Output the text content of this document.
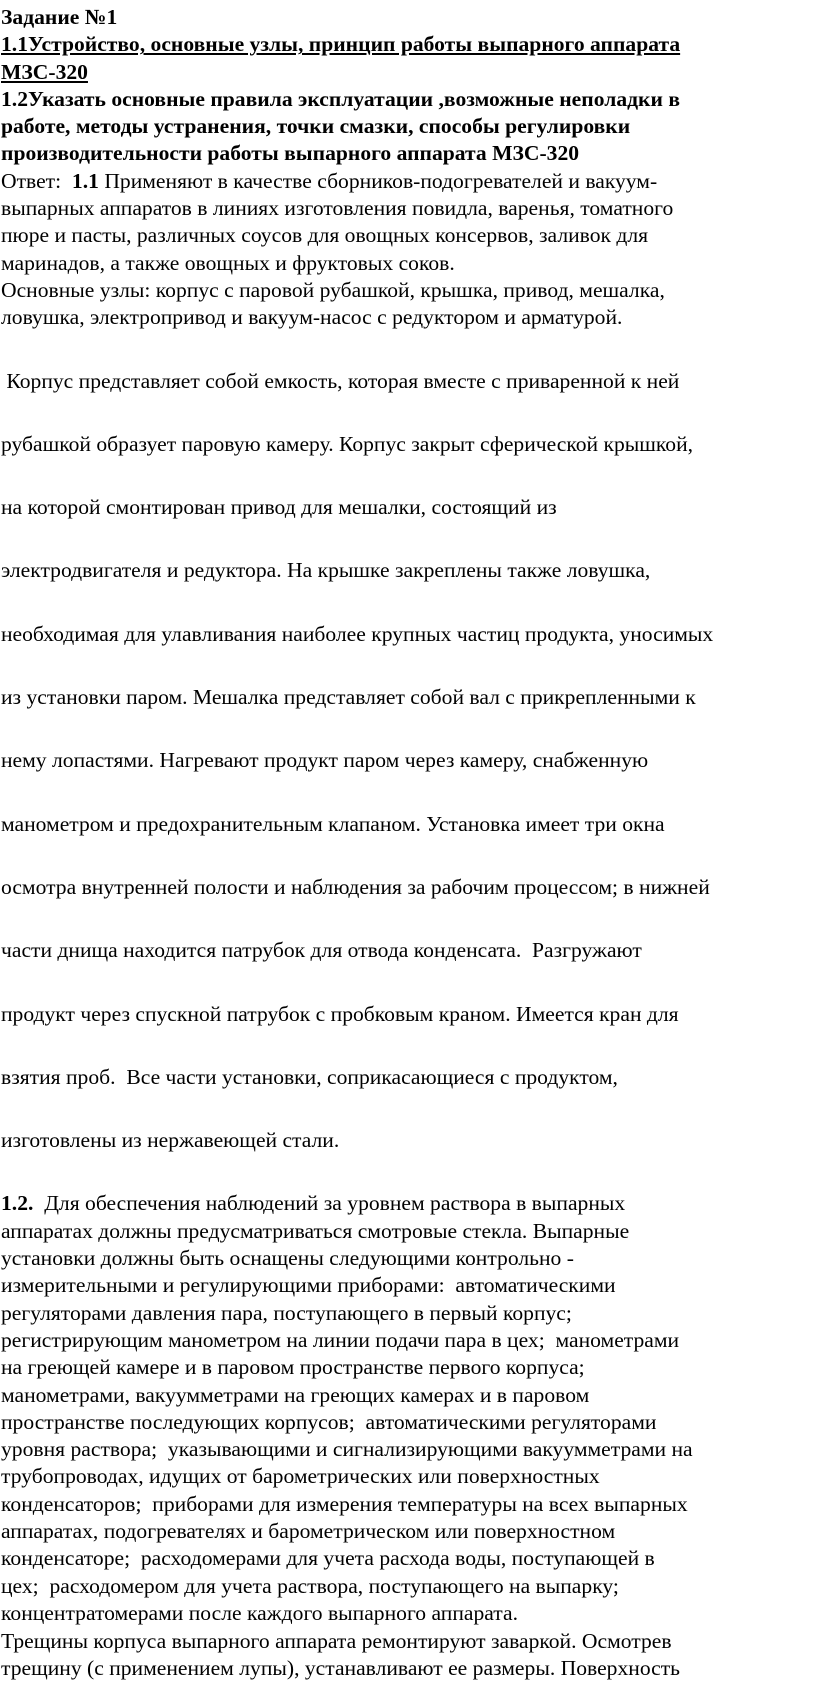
Задание №1
1.1Устройство, основные узлы, принцип работы выпарного аппарата
МЗС-320
1.2Указать основные правила эксплуатации ,возможные неполадки в
работе, методы устранения, точки смазки, способы регулировки
производительности работы выпарного аппарата МЗС-320
Ответ: 1.1 Применяют в качестве сборников-подогревателей и вакуум-
выпарных аппаратов в линиях изготовления повидла, варенья, томатного
пюре и пасты, различных соусов для овощных консервов, заливок для
маринадов, а также овощных и фруктовых соков.
Основные узлы: корпус с паровой рубашкой, крышка, привод, мешалка,
ловушка, электропривод и вакуум-насос с редуктором и арматурой.

Корпус представляет собой емкость, которая вместе с приваренной к ней

рубашкой образует паровую камеру. Корпус закрыт сферической крышкой,

на которой смонтирован привод для мешалки, состоящий из

электродвигателя и редуктора. На крышке закреплены также ловушка,

необходимая для улавливания наиболее крупных частиц продукта, уносимых

из установки паром. Мешалка представляет собой вал с прикрепленными к

нему лопастями. Нагревают продукт паром через камеру, снабженную

манометром и предохранительным клапаном. Установка имеет три окна

осмотра внутренней полости и наблюдения за рабочим процессом; в нижней

части днища находится патрубок для отвода конденсата.  Разгружают

продукт через спускной патрубок с пробковым краном. Имеется кран для

взятия проб.  Все части установки, соприкасающиеся с продуктом,

изготовлены из нержавеющей стали.

1.2.  Для обеспечения наблюдений за уровнем раствора в выпарных
аппаратах должны предусматриваться смотровые стекла. Выпарные
установки должны быть оснащены следующими контрольно -
измерительными и регулирующими приборами:  автоматическими
регуляторами давления пара, поступающего в первый корпус;
регистрирующим манометром на линии подачи пара в цех;  манометрами
на греющей камере и в паровом пространстве первого корпуса;
манометрами, вакуумметрами на греющих камерах и в паровом
пространстве последующих корпусов;  автоматическими регуляторами
уровня раствора;  указывающими и сигнализирующими вакуумметрами на
трубопроводах, идущих от барометрических или поверхностных
конденсаторов;  приборами для измерения температуры на всех выпарных
аппаратах, подогревателях и барометрическом или поверхностном
конденсаторе;  расходомерами для учета расхода воды, поступающей в
цех;  расходомером для учета раствора, поступающего на выпарку;
концентратомерами после каждого выпарного аппарата.
Трещины корпуса выпарного аппарата ремонтируют заваркой. Осмотрев
трещину (с применением лупы), устанавливают ее размеры. Поверхность
